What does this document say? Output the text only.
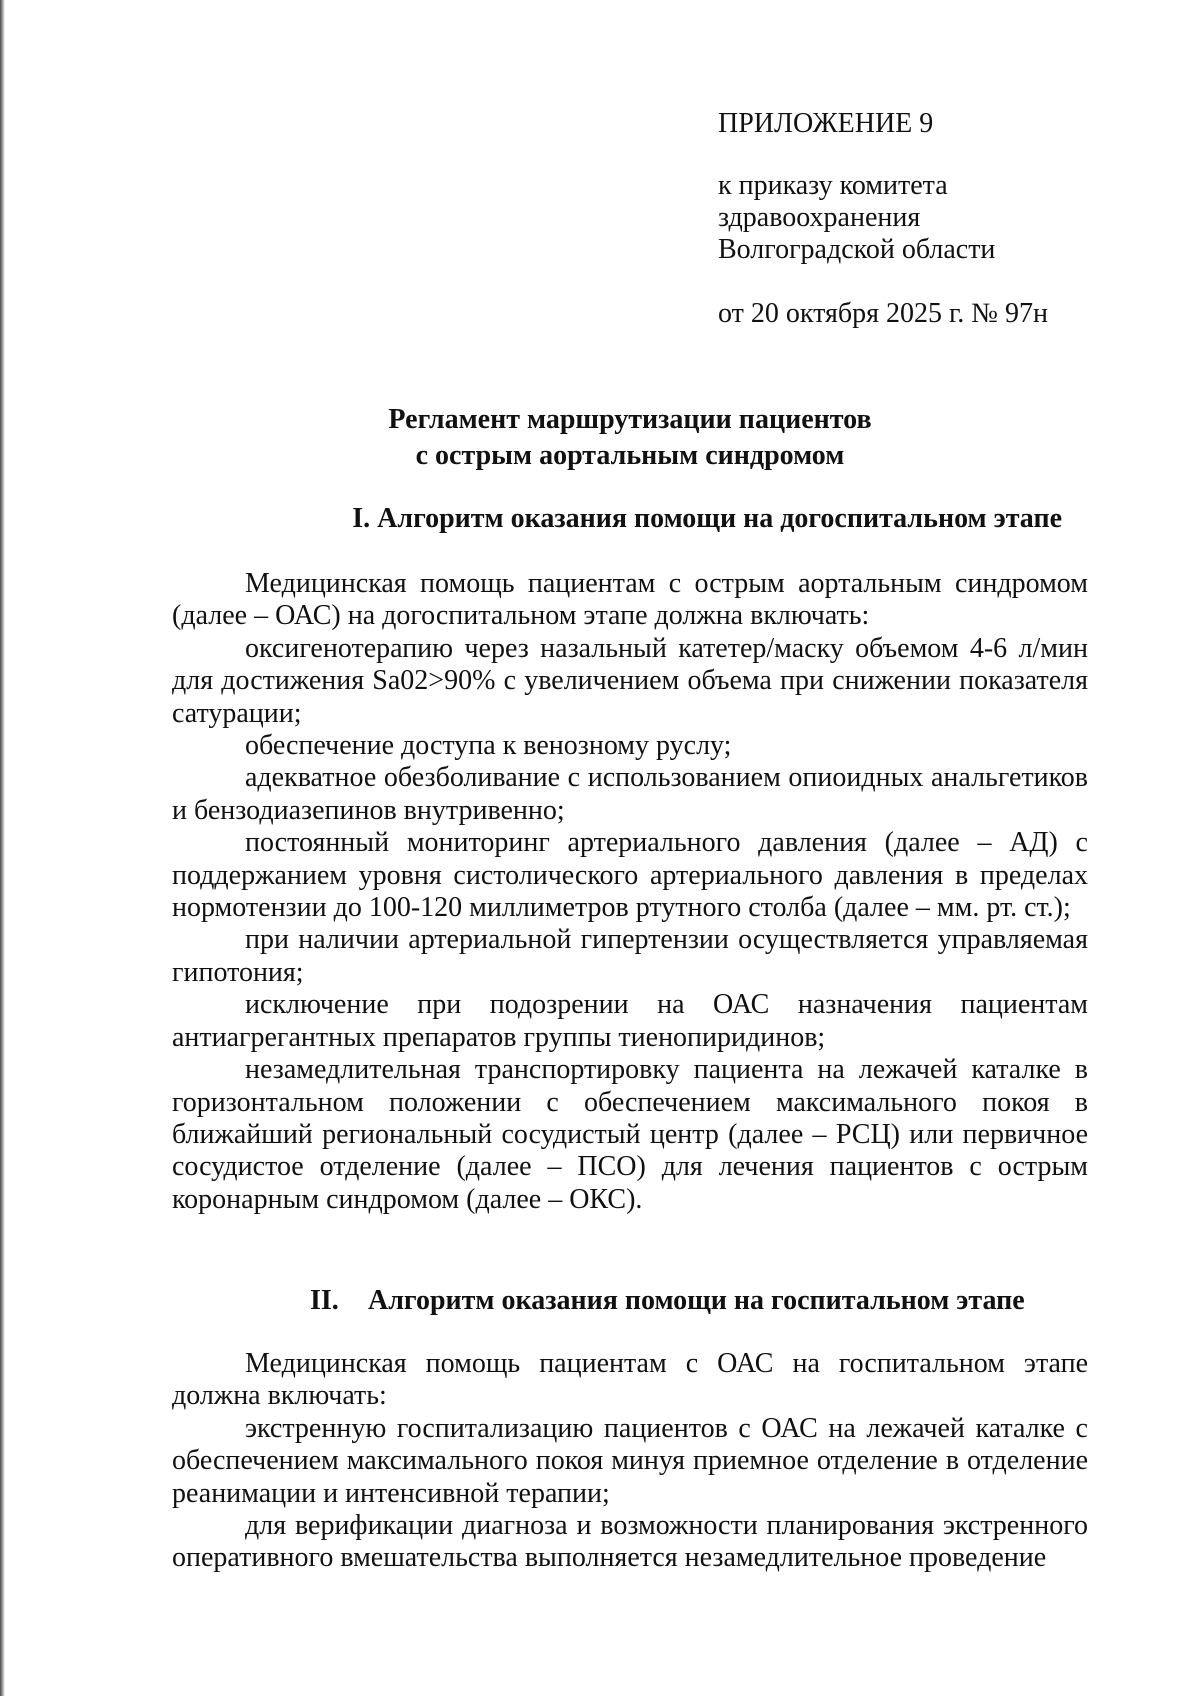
ПРИЛОЖЕНИЕ 9

к приказу комитета
здравоохранения
Волгоградской области

от 20 октября 2025 г. № 97н

Регламент маршрутизации пациентов
с острым аортальным синдромом
I. Алгоритм оказания помощи на догоспитальном этапе

Медицинская помощь пациентам с острым аортальным синдромом (далее – ОАС) на догоспитальном этапе должна включать:

оксигенотерапию через назальный катетер/маску объемом 4-6 л/мин для достижения Sa02>90% с увеличением объема при снижении показателя сатурации;

обеспечение доступа к венозному руслу;

адекватное обезболивание с использованием опиоидных анальгетиков и бензодиазепинов внутривенно;

постоянный мониторинг артериального давления (далее – АД) с поддержанием уровня систолического артериального давления в пределах нормотензии до 100-120 миллиметров ртутного столба (далее – мм. рт. ст.);

при наличии артериальной гипертензии осуществляется управляемая гипотония;

исключение при подозрении на ОАС назначения пациентам антиагрегантных препаратов группы тиенопиридинов;

незамедлительная транспортировку пациента на лежачей каталке в горизонтальном положении с обеспечением максимального покоя в ближайший региональный сосудистый центр (далее – РСЦ) или первичное сосудистое отделение (далее – ПСО) для лечения пациентов с острым коронарным синдромом (далее – ОКС).

II. Алгоритм оказания помощи на госпитальном этапе

Медицинская помощь пациентам с ОАС на госпитальном этапе должна включать:

экстренную госпитализацию пациентов с ОАС на лежачей каталке с обеспечением максимального покоя минуя приемное отделение в отделение реанимации и интенсивной терапии;

для верификации диагноза и возможности планирования экстренного оперативного вмешательства выполняется незамедлительное проведение
